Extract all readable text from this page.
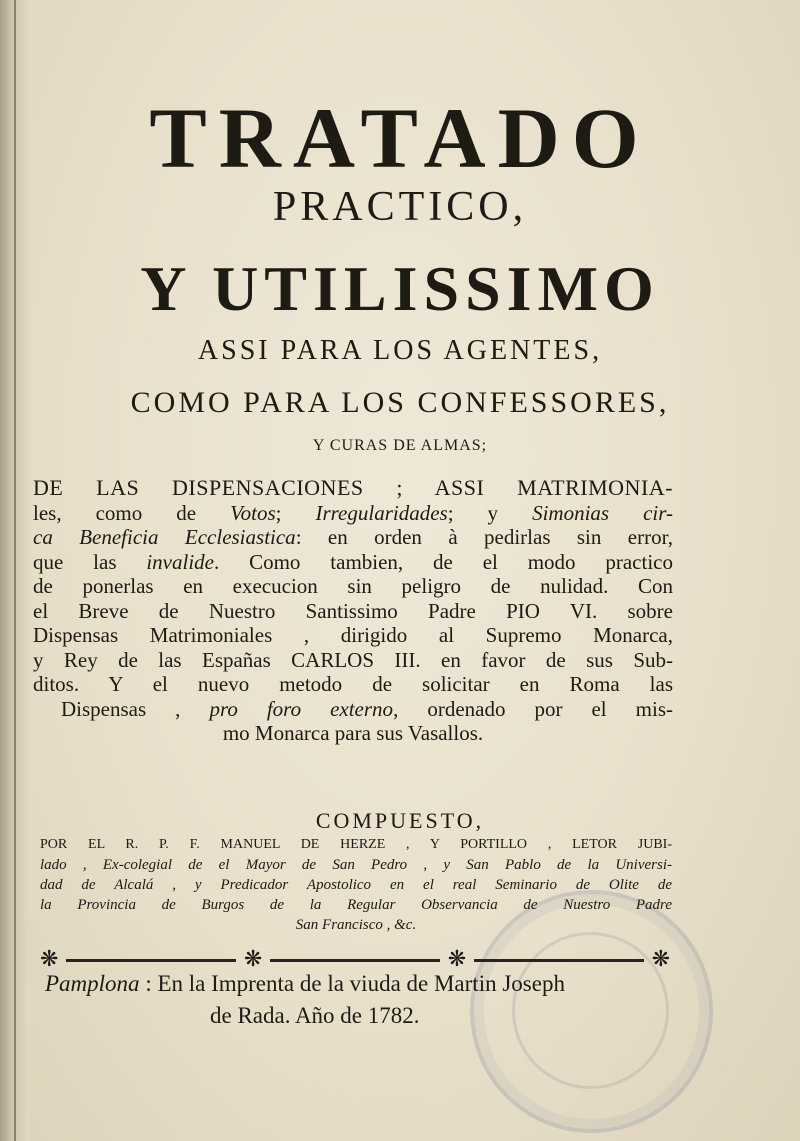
TRATADO
PRACTICO,
Y UTILISSIMO
ASSI PARA LOS AGENTES,
COMO PARA LOS CONFESSORES,
Y CURAS DE ALMAS;
DE LAS DISPENSACIONES ; ASSI MATRIMONIA-
les, como de Votos; Irregularidades; y Simonias cir-
ca Beneficia Ecclesiastica: en orden à pedirlas sin error,
que las invalide. Como tambien, de el modo practico
de ponerlas en execucion sin peligro de nulidad. Con
el Breve de Nuestro Santissimo Padre PIO VI. sobre
Dispensas Matrimoniales , dirigido al Supremo Monarca,
y Rey de las Españas CARLOS III. en favor de sus Sub-
ditos. Y el nuevo metodo de solicitar en Roma las
Dispensas , pro foro externo, ordenado por el mis-
mo Monarca para sus Vasallos.
COMPUESTO,
POR EL R. P. F. MANUEL DE HERZE , Y PORTILLO , LETOR JUBI-
lado , Ex-colegial de el Mayor de San Pedro , y San Pablo de la Universi-
dad de Alcalá , y Predicador Apostolico en el real Seminario de Olite de
la Provincia de Burgos de la Regular Observancia de Nuestro Padre
San Francisco , &c.
❋	❋	❋	❋
Pamplona : En la Imprenta de la viuda de Martin Joseph
de Rada. Año de 1782.
